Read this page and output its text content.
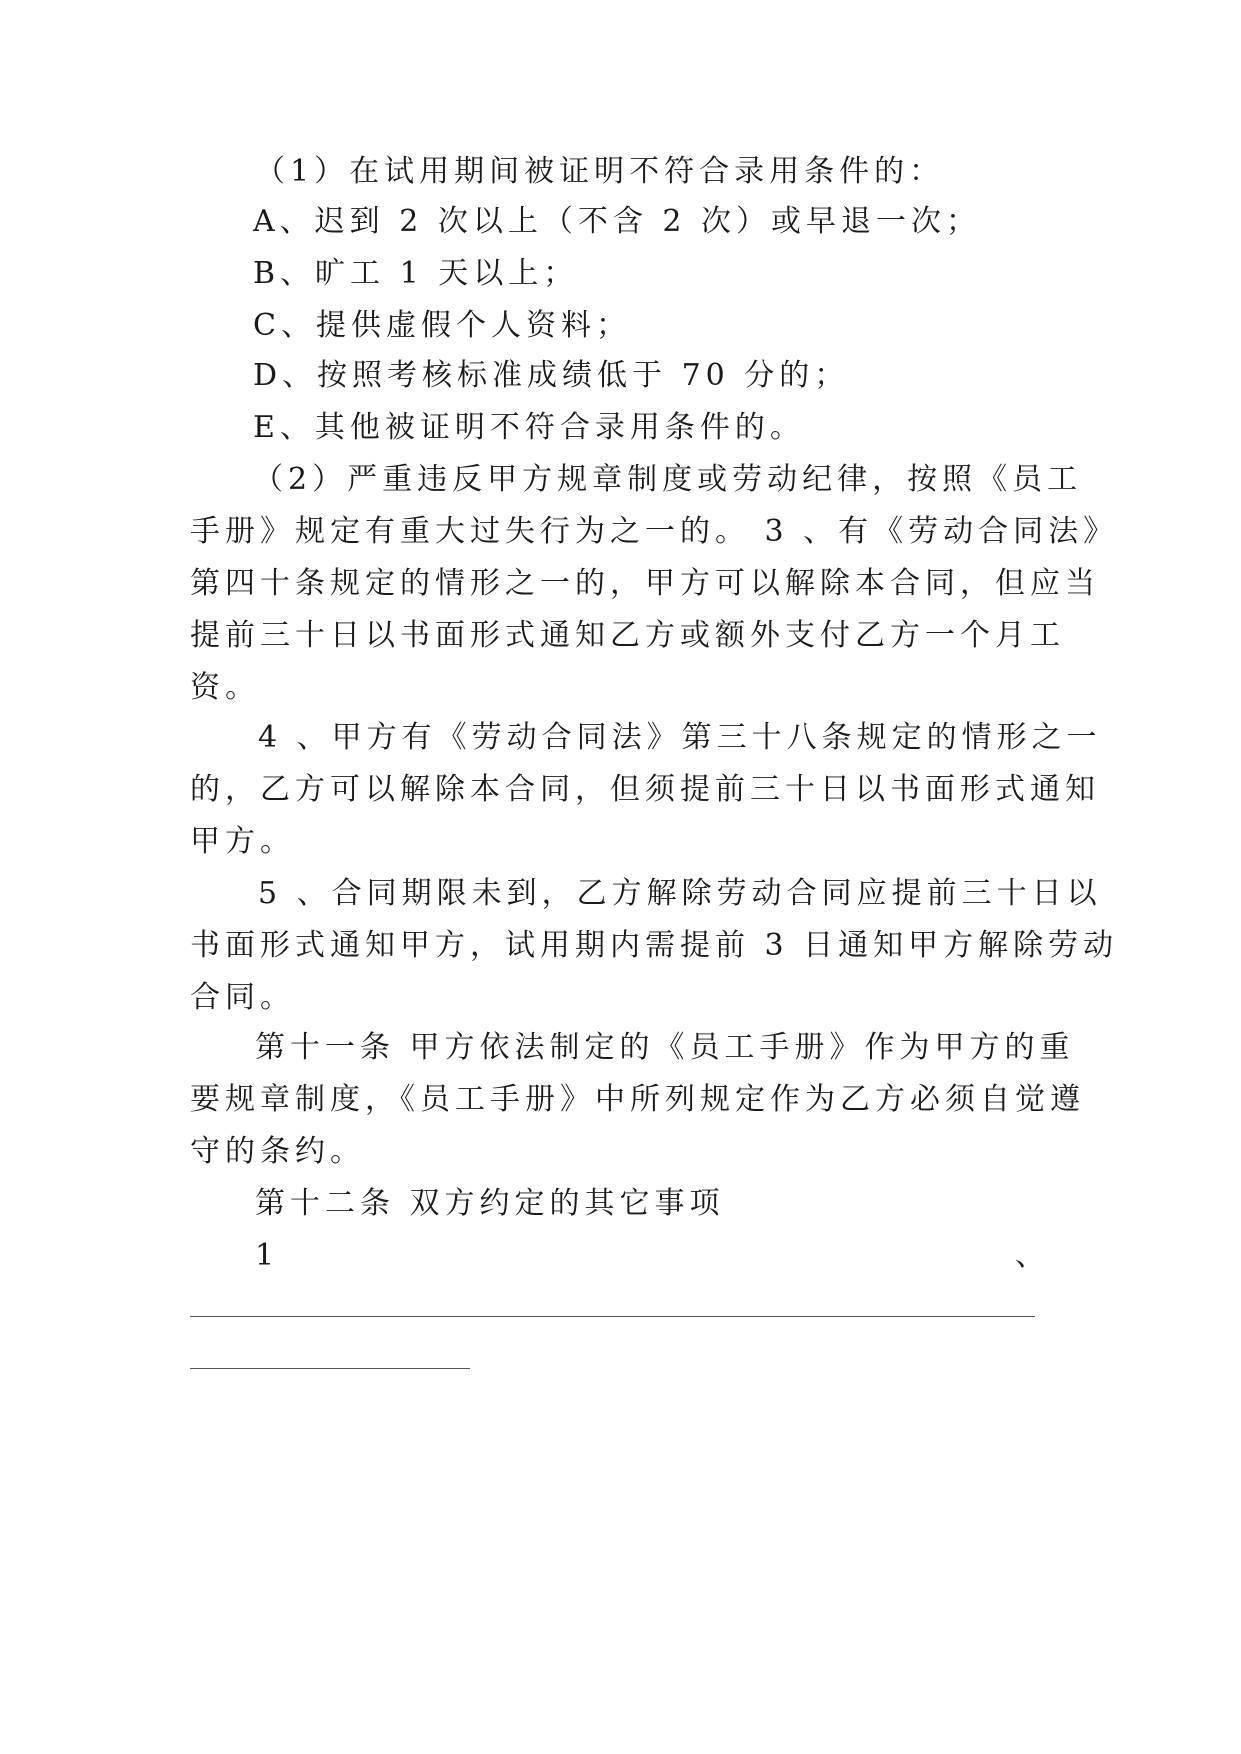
（1）在试用期间被证明不符合录用条件的：
A、迟到 2 次以上（不含 2 次）或早退一次；
B、旷工 1 天以上；
C、提供虚假个人资料；
D、按照考核标准成绩低于 70 分的；
E、其他被证明不符合录用条件的。
（2）严重违反甲方规章制度或劳动纪律，按照《员工
手册》规定有重大过失行为之一的。 3 、有《劳动合同法》
第四十条规定的情形之一的，甲方可以解除本合同，但应当
提前三十日以书面形式通知乙方或额外支付乙方一个月工
资。
4 、甲方有《劳动合同法》第三十八条规定的情形之一
的，乙方可以解除本合同，但须提前三十日以书面形式通知
甲方。
5 、合同期限未到，乙方解除劳动合同应提前三十日以
书面形式通知甲方，试用期内需提前 3 日通知甲方解除劳动
合同。
第十一条 甲方依法制定的《员工手册》作为甲方的重
要规章制度，《员工手册》中所列规定作为乙方必须自觉遵
守的条约。
第十二条 双方约定的其它事项
1	、
